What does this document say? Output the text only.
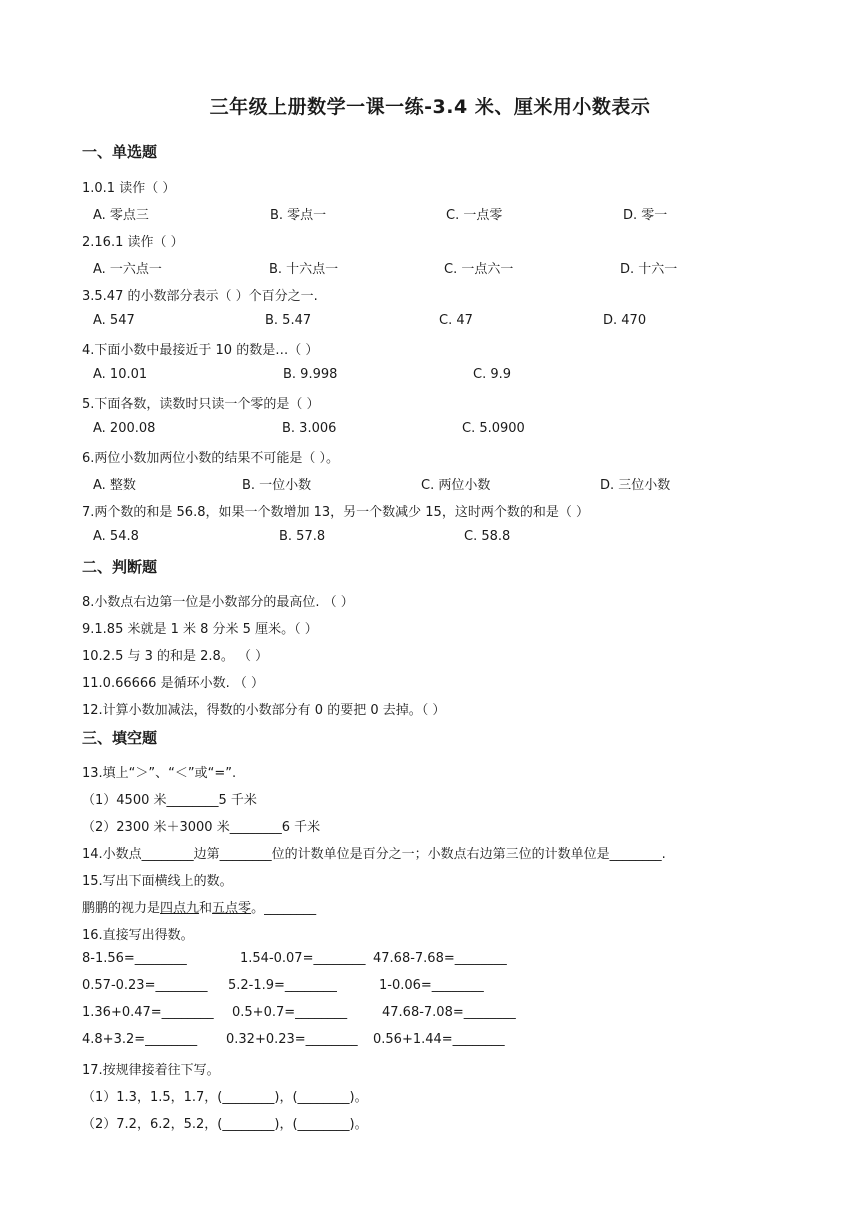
三年级上册数学一课一练-3.4 米、厘米用小数表示
一、单选题
1.0.1 读作（ ）
A. 零点三	B. 零点一	C. 一点零	D. 零一
2.16.1 读作（ ）
A. 一六点一	B. 十六点一	C. 一点六一	D. 十六一
3.5.47 的小数部分表示（ ）个百分之一.
A. 547	B. 5.47	C. 47	D. 470
4.下面小数中最接近于 10 的数是…（ ）
A. 10.01	B. 9.998	C. 9.9
5.下面各数，读数时只读一个零的是（ ）
A. 200.08	B. 3.006	C. 5.0900
6.两位小数加两位小数的结果不可能是（ ）。
A. 整数	B. 一位小数	C. 两位小数	D. 三位小数
7.两个数的和是 56.8，如果一个数增加 13，另一个数减少 15，这时两个数的和是（ ）
A. 54.8	B. 57.8	C. 58.8
二、判断题
8.小数点右边第一位是小数部分的最高位. （ ）
9.1.85 米就是 1 米 8 分米 5 厘米。（ ）
10.2.5 与 3 的和是 2.8。 （ ）
11.0.66666 是循环小数. （ ）
12.计算小数加减法，得数的小数部分有 0 的要把 0 去掉。（ ）
三、填空题
13.填上“＞”、“＜”或“=”.
（1）4500 米________5 千米
（2）2300 米＋3000 米________6 千米
14.小数点________边第________位的计数单位是百分之一；小数点右边第三位的计数单位是________.
15.写出下面横线上的数。
鹏鹏的视力是四点九和五点零。________
16.直接写出得数。
8-1.56=________	1.54-0.07=________ 47.68-7.68=________
0.57-0.23=________ 5.2-1.9=________	1-0.06=________
1.36+0.47=________ 0.5+0.7=________	47.68-7.08=________
4.8+3.2=________ 0.32+0.23=________ 0.56+1.44=________
17.按规律接着往下写。
（1）1.3，1.5，1.7，(________)，(________)。
（2）7.2，6.2，5.2，(________)，(________)。
